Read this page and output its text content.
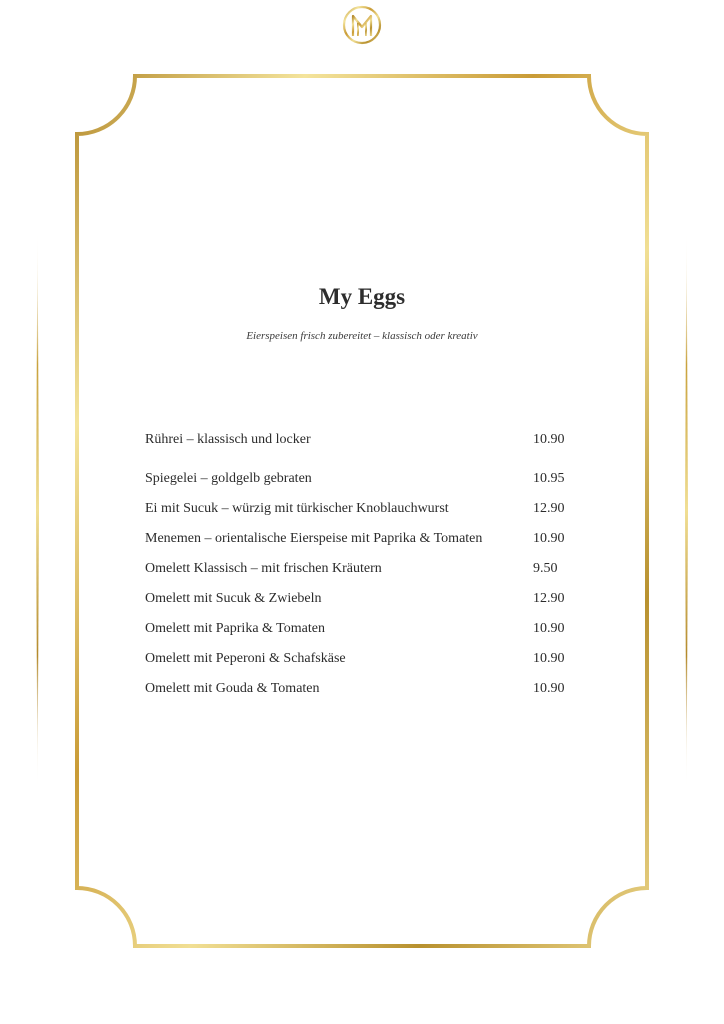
My Eggs

Eierspeisen frisch zubereitet – klassisch oder kreativ

Rührei – klassisch und locker	10.90
Spiegelei – goldgelb gebraten	10.95
Ei mit Sucuk – würzig mit türkischer Knoblauchwurst	12.90
Menemen – orientalische Eierspeise mit Paprika & Tomaten	10.90
Omelett Klassisch – mit frischen Kräutern	9.50
Omelett mit Sucuk & Zwiebeln	12.90
Omelett mit Paprika & Tomaten	10.90
Omelett mit Peperoni & Schafskäse	10.90
Omelett mit Gouda & Tomaten	10.90
